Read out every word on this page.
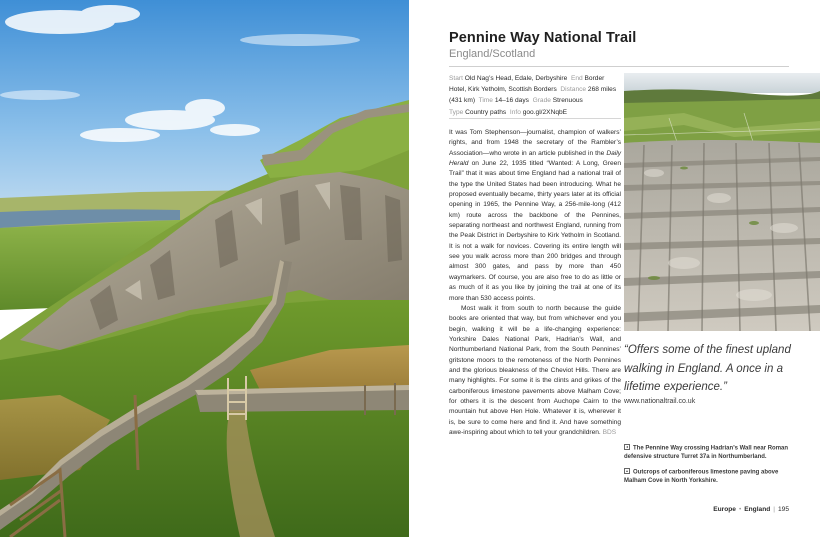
Pennine Way National Trail
England/Scotland
Start Old Nag’s Head, Edale, Derbyshire End Border Hotel, Kirk Yetholm, Scottish Borders Distance 268 miles (431 km) Time 14–16 days Grade Strenuous
Type Country paths Info goo.gl/2XNqbE

It was Tom Stephenson—journalist, champion of walkers’ rights, and from 1948 the secretary of the Rambler’s Association—who wrote in an article published in the Daily Herald on June 22, 1935 titled “Wanted: A Long, Green Trail” that it was about time England had a national trail of the type the United States had been introducing. What he proposed eventually became, thirty years later at its official opening in 1965, the Pennine Way, a 256-mile-long (412 km) route across the backbone of the Pennines, separating northeast and northwest England, running from the Peak District in Derbyshire to Kirk Yetholm in Scotland. It is not a walk for novices. Covering its entire length will see you walk across more than 200 bridges and through almost 300 gates, and pass by more than 450 waymarkers. Of course, you are also free to do as little or as much of it as you like by joining the trail at one of its more than 530 access points.

Most walk it from south to north because the guide books are oriented that way, but from whichever end you begin, walking it will be a life-changing experience: Yorkshire Dales National Park, Hadrian’s Wall, and Northumberland National Park, from the South Pennines’ gritstone moors to the remoteness of the North Pennines and the glorious bleakness of the Cheviot Hills. There are many highlights. For some it is the clints and grikes of the carboniferous limestone pavements above Malham Cove; for others it is the descent from Auchope Cairn to the mountain hut above Hen Hole. Whatever it is, wherever it is, be sure to come here and find it. And have something awe-inspiring about which to tell your grandchildren. BDS

“Offers some of the finest upland walking in England. A once in a lifetime experience.”
www.nationaltrail.co.uk
The Pennine Way crossing Hadrian’s Wall near Roman defensive structure Turret 37a in Northumberland.
Outcrops of carboniferous limestone paving above Malham Cove in North Yorkshire.
Europe • England | 195
